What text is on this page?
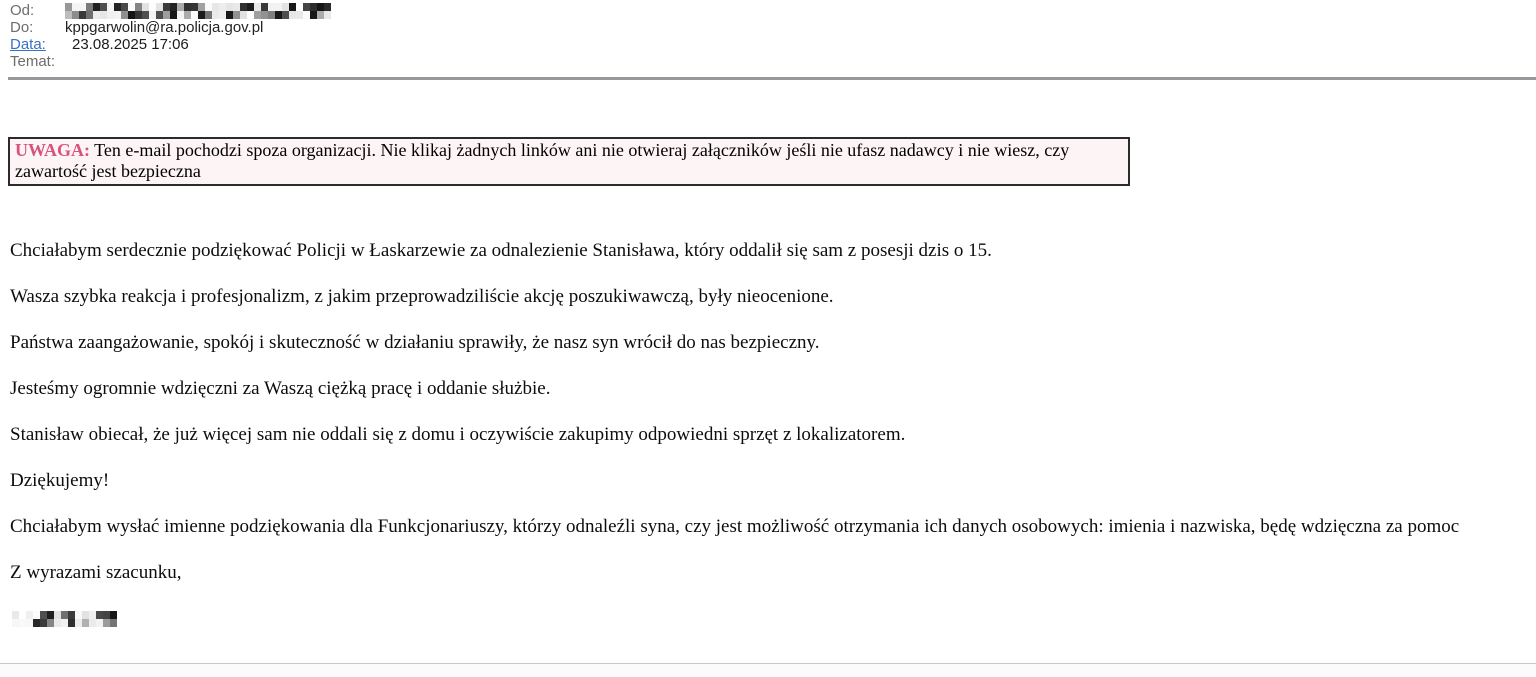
Od:
Do:	kppgarwolin@ra.policja.gov.pl
Data:	23.08.2025 17:06
Temat:
UWAGA: Ten e-mail pochodzi spoza organizacji. Nie klikaj żadnych linków ani nie otwieraj załączników jeśli nie ufasz nadawcy i nie wiesz, czy zawartość jest bezpieczna

Chciałabym serdecznie podziękować Policji w Łaskarzewie za odnalezienie Stanisława, który oddalił się sam z posesji dzis o 15.

Wasza szybka reakcja i profesjonalizm, z jakim przeprowadziliście akcję poszukiwawczą, były nieocenione.

Państwa zaangażowanie, spokój i skuteczność w działaniu sprawiły, że nasz syn wrócił do nas bezpieczny.

Jesteśmy ogromnie wdzięczni za Waszą ciężką pracę i oddanie służbie.

Stanisław obiecał, że już więcej sam nie oddali się z domu i oczywiście zakupimy odpowiedni sprzęt z lokalizatorem.

Dziękujemy!

Chciałabym wysłać imienne podziękowania dla Funkcjonariuszy, którzy odnaleźli syna, czy jest możliwość otrzymania ich danych osobowych: imienia i nazwiska, będę wdzięczna za pomoc

Z wyrazami szacunku,
